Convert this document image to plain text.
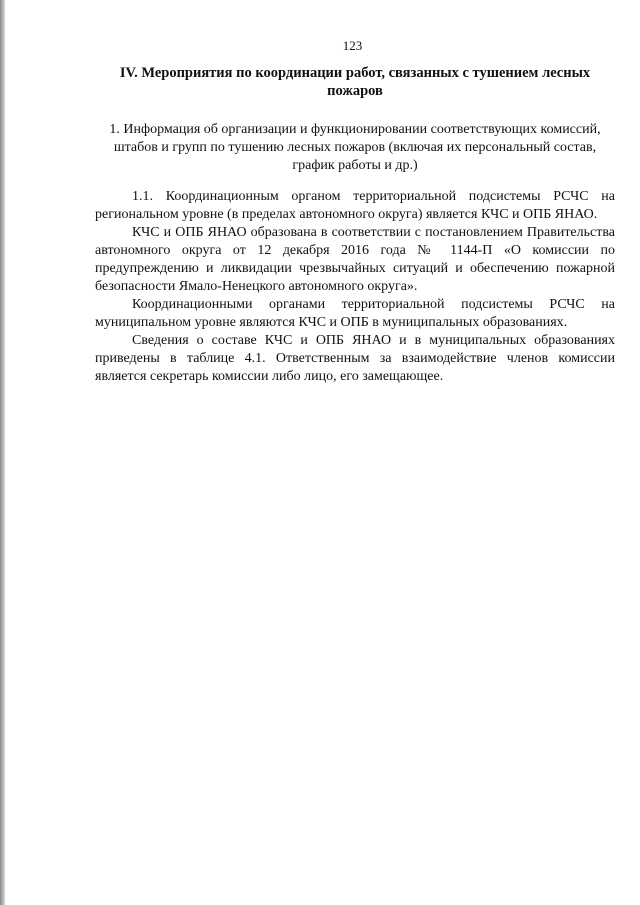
123
IV. Мероприятия по координации работ, связанных с тушением лесных пожаров
1. Информация об организации и функционировании соответствующих комиссий, штабов и групп по тушению лесных пожаров (включая их персональный состав, график работы и др.)

1.1. Координационным органом территориальной подсистемы РСЧС на региональном уровне (в пределах автономного округа) является КЧС и ОПБ ЯНАО.

КЧС и ОПБ ЯНАО образована в соответствии с постановлением Правительства автономного округа от 12 декабря 2016 года № 1144-П «О комиссии по предупреждению и ликвидации чрезвычайных ситуаций и обеспечению пожарной безопасности Ямало-Ненецкого автономного округа».

Координационными органами территориальной подсистемы РСЧС на муниципальном уровне являются КЧС и ОПБ в муниципальных образованиях.

Сведения о составе КЧС и ОПБ ЯНАО и в муниципальных образованиях приведены в таблице 4.1. Ответственным за взаимодействие членов комиссии является секретарь комиссии либо лицо, его замещающее.
